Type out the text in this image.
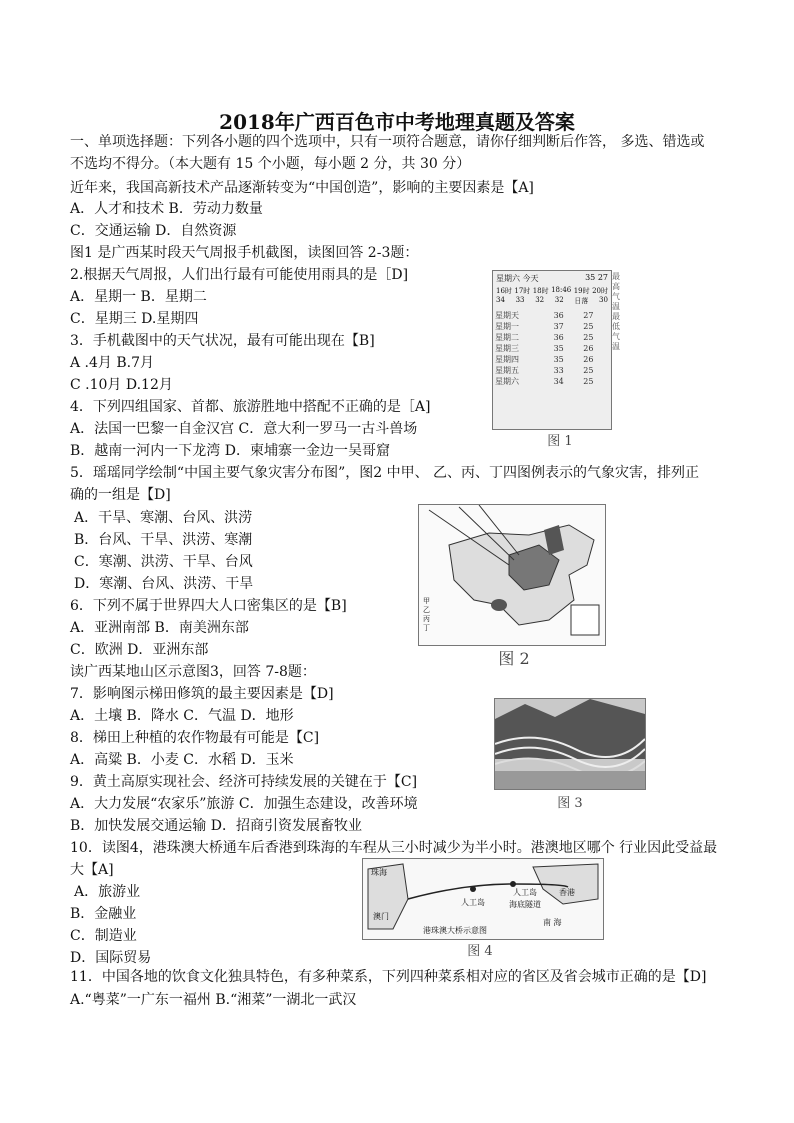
2018年广西百色市中考地理真题及答案
一、单项选择题：下列各小题的四个选项中，只有一项符合题意，请你仔细判断后作答， 多选、错选或
不选均不得分。（本大题有 15 个小题，每小题 2 分，共 30 分）
近年来，我国高新技术产品逐渐转变为“中国创造”，影响的主要因素是【A]
A．人才和技术 B．劳动力数量
C．交通运输 D．自然资源
图1 是广西某时段天气周报手机截图，读图回答 2-3题：
2.根据天气周报，人们出行最有可能使用雨具的是［D]
A．星期一 B．星期二
C．星期三 D.星期四
3．手机截图中的天气状况，最有可能出现在【B]
A .4月 B.7月
C .10月 D.12月
4．下列四组国家、首都、旅游胜地中搭配不正确的是［A]
A．法国一巴黎一自金汉宫 C．意大利一罗马一古斗兽场
B．越南一河内一下龙湾 D．柬埔寨一金边一吴哥窟
5．瑶瑶同学绘制“中国主要气象灾害分布图”，图2 中甲、 乙、丙、丁四图例表示的气象灾害，排列正
确的一组是【D]
A．干旱、寒潮、台风、洪涝
B．台风、干旱、洪涝、寒潮
C．寒潮、洪涝、干旱、台风
D．寒潮、台风、洪涝、干旱
6．下列不属于世界四大人口密集区的是【B]
A．亚洲南部 B．南美洲东部
C．欧洲 D．亚洲东部
读广西某地山区示意图3，回答 7-8题：
7．影响图示梯田修筑的最主要因素是【D]
A．土壤 B．降水 C．气温 D．地形
8．梯田上种植的农作物最有可能是【C]
A．高粱 B．小麦 C．水稻 D．玉米
9．黄土高原实现社会、经济可持续发展的关键在于【C]
A．大力发展“农家乐”旅游 C．加强生态建设，改善环境
B．加快发展交通运输 D．招商引资发展畜牧业
10．读图4，港珠澳大桥通车后香港到珠海的车程从三小时减少为半小时。港澳地区哪个 行业因此受益最
大【A]
A．旅游业
B．金融业
C．制造业
D．国际贸易
11．中国各地的饮食文化独具特色，有多种菜系，下列四种菜系相对应的省区及省会城市正确的是【D]
A.“粤菜”一广东一福州 B.“湘菜”一湖北一武汉
星期六 今天	35 27
16时 17时 18时 18:46 19时 20时
34 33 32 32 日落 30
星期天	36	27
星期一	37	25
星期二	36	25
星期三	35	26
星期四	35	26
星期五	33	25
星期六	34	25
最高气温 最低气温
图 1
甲
乙
丙
丁
图 2
图 3
珠海
澳门
人工岛
人工岛
海底隧道
香港
南 海
港珠澳大桥示意图
图 4
